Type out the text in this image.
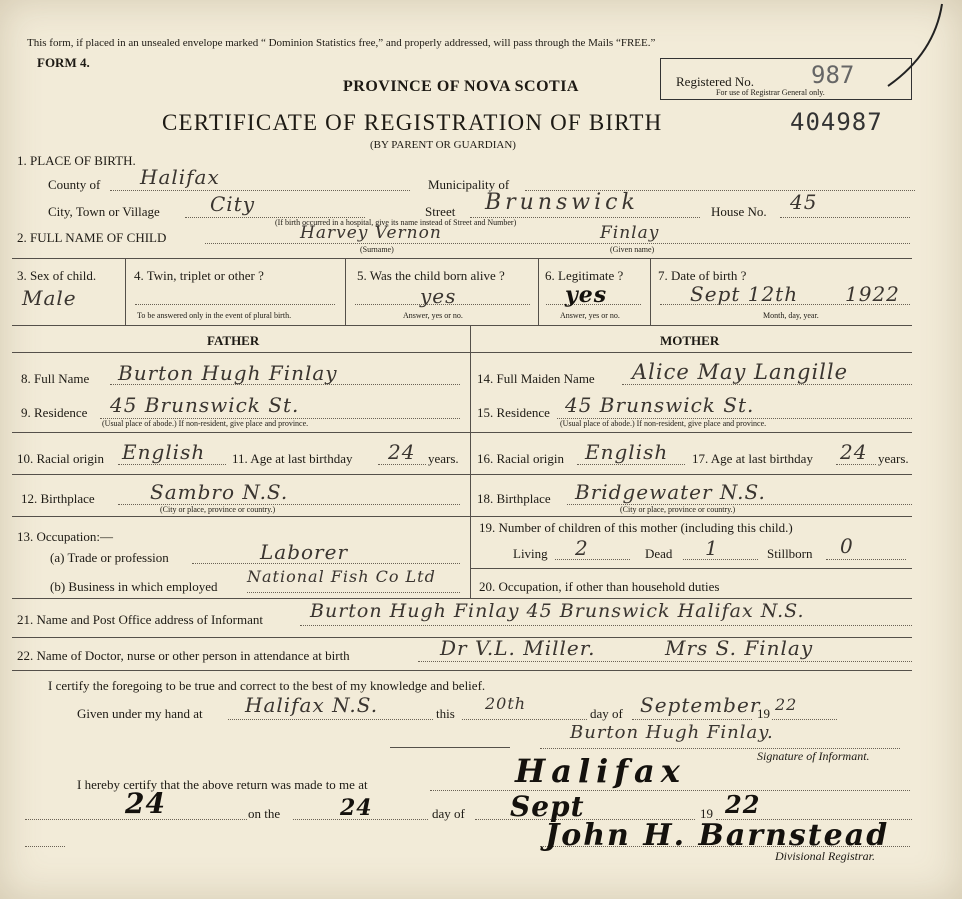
This form, if placed in an unsealed envelope marked “ Dominion Statistics free,” and properly addressed, will pass through the Mails “FREE.”
FORM 4.
PROVINCE OF NOVA SCOTIA	Registered No. 987
For use of Registrar General only.
CERTIFICATE OF REGISTRATION OF BIRTH	404987
(BY PARENT OR GUARDIAN)
1. PLACE OF BIRTH.
County of Halifax	Municipality of
City, Town or Village	City	Street Brunswick	House No. 45
(If birth occurred in a hospital, give its name instead of Street and Number)
2. FULL NAME OF CHILD	Harvey Vernon	Finlay
(Surname)	(Given name)
3. Sex of child.
Male
4. Twin, triplet or other ?
To be answered only in the event of plural birth.
5. Was the child born alive ?
yes
Answer, yes or no.
6. Legitimate ?
yes
Answer, yes or no.
7. Date of birth ?
Sept 12th 1922
Month, day, year.
FATHER	MOTHER
8. Full Name Burton Hugh Finlay	14. Full Maiden Name Alice May Langille
9. Residence 45 Brunswick St.
(Usual place of abode.) If non-resident, give place and province.
15. Residence 45 Brunswick St.
(Usual place of abode.) If non-resident, give place and province.
10. Racial origin English 11. Age at last birthday 24 years. 16. Racial origin English 17. Age at last birthday 24 years.
12. Birthplace	Sambro N.S.
(City or place, province or country.)
18. Birthplace Bridgewater N.S.
(City or place, province or country.)
13. Occupation:—
(a) Trade or profession	Laborer
(b) Business in which employed
National Fish Co Ltd
19. Number of children of this mother (including this child.)
Living 2	Dead 1	Stillborn 0
20. Occupation, if other than household duties
21. Name and Post Office address of Informant Burton Hugh Finlay 45 Brunswick Halifax N.S.
22. Name of Doctor, nurse or other person in attendance at birth	Dr V.L. Miller.	Mrs S. Finlay
I certify the foregoing to be true and correct to the best of my knowledge and belief.
Given under my hand at Halifax N.S.	this
20th
day of September
19 22
Burton Hugh Finlay.
Signature of Informant.
I hereby certify that the above return was made to me at	Halifax
24	on the	24	day of Sept	19 22
John H. Barnstead
Divisional Registrar.
